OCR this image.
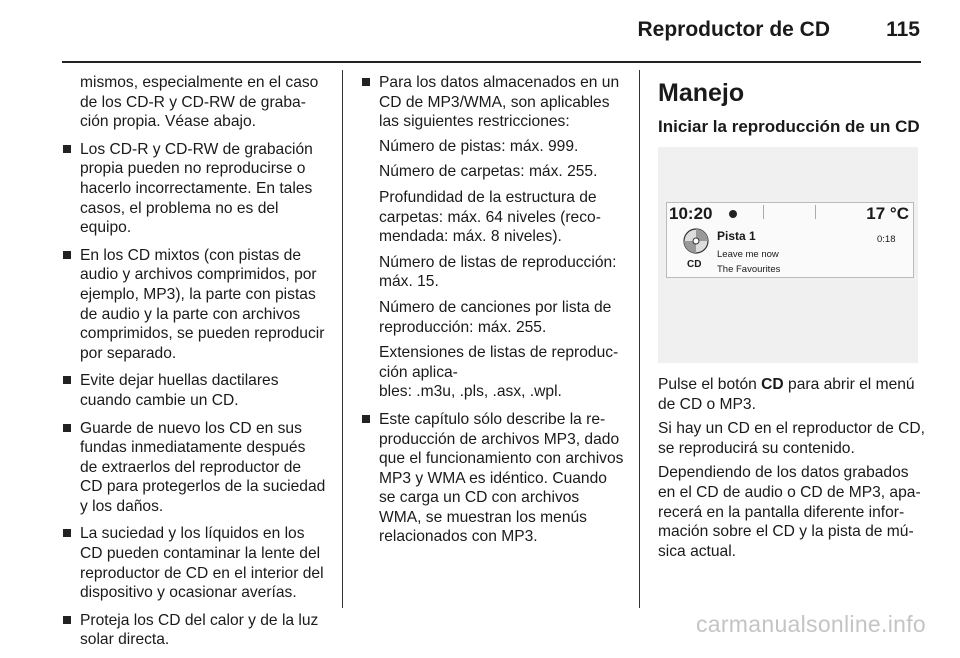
Reproductor de CD	115
mismos, especialmente en el caso de los CD-R y CD-RW de grabación propia. Véase abajo.
Los CD-R y CD-RW de grabación propia pueden no reproducirse o hacerlo incorrectamente. En tales casos, el problema no es del equipo.
En los CD mixtos (con pistas de audio y archivos comprimidos, por ejemplo, MP3), la parte con pistas de audio y la parte con archivos comprimidos, se pueden reproducir por separado.
Evite dejar huellas dactilares cuando cambie un CD.
Guarde de nuevo los CD en sus fundas inmediatamente después de extraerlos del reproductor de CD para protegerlos de la suciedad y los daños.
La suciedad y los líquidos en los CD pueden contaminar la lente del reproductor de CD en el interior del dispositivo y ocasionar averías.
Proteja los CD del calor y de la luz solar directa.

Para los datos almacenados en un CD de MP3/WMA, son aplicables las siguientes restricciones:

Número de pistas: máx. 999.

Número de carpetas: máx. 255.

Profundidad de la estructura de carpetas: máx. 64 niveles (recomendada: máx. 8 niveles).

Número de listas de reproducción: máx. 15.

Número de canciones por lista de reproducción: máx. 255.

Extensiones de listas de reproducción aplica-
bles: .m3u, .pls, .asx, .wpl.

Este capítulo sólo describe la reproducción de archivos MP3, dado que el funcionamiento con archivos MP3 y WMA es idéntico. Cuando se carga un CD con archivos WMA, se muestran los menús relacionados con MP3.
Manejo
Iniciar la reproducción de un CD
10:20	17 °C
CD
Pista 1
Leave me now
The Favourites
0:18

Pulse el botón CD para abrir el menú de CD o MP3.

Si hay un CD en el reproductor de CD, se reproducirá su contenido.

Dependiendo de los datos grabados en el CD de audio o CD de MP3, aparecerá en la pantalla diferente información sobre el CD y la pista de música actual.

carmanualsonline.info
